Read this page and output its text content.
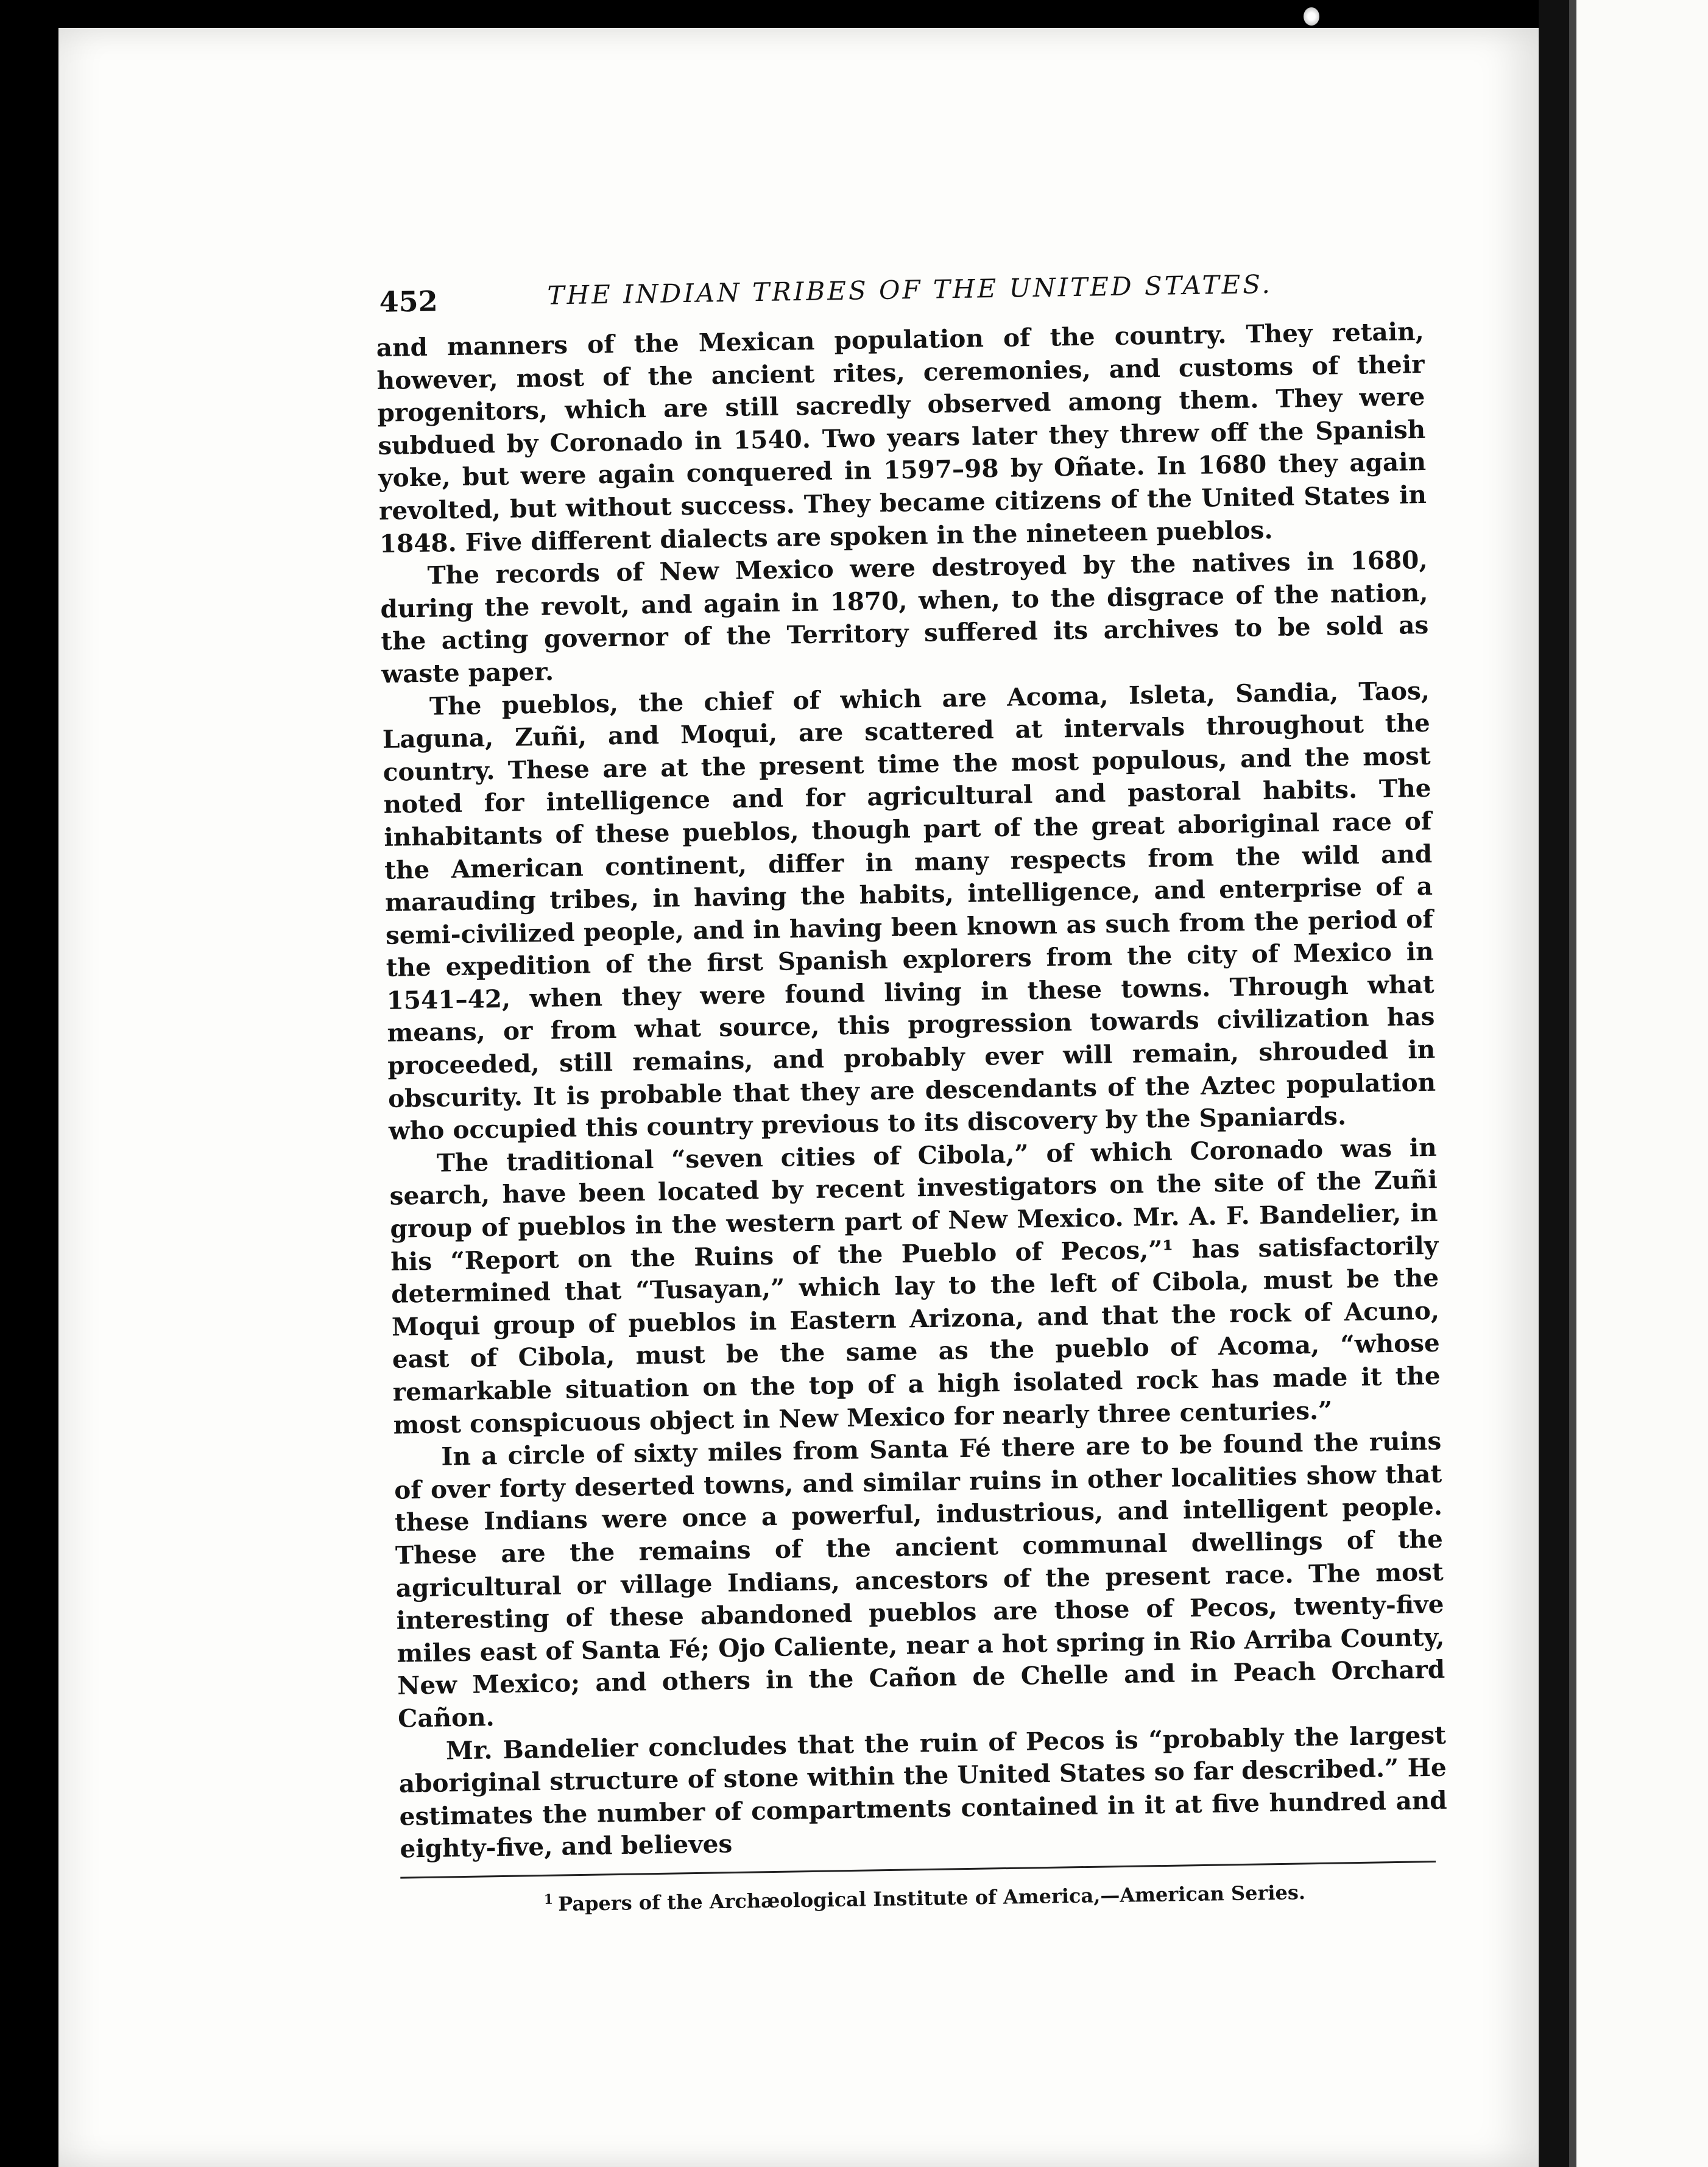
452	THE INDIAN TRIBES OF THE UNITED STATES.

and manners of the Mexican population of the country. They retain, however, most of the ancient rites, ceremonies, and customs of their progenitors, which are still sacredly observed among them. They were subdued by Coronado in 1540. Two years later they threw off the Spanish yoke, but were again conquered in 1597–98 by Oñate. In 1680 they again revolted, but without success. They became citizens of the United States in 1848. Five different dialects are spoken in the nineteen pueblos.

The records of New Mexico were destroyed by the natives in 1680, during the revolt, and again in 1870, when, to the disgrace of the nation, the acting governor of the Territory suffered its archives to be sold as waste paper.

The pueblos, the chief of which are Acoma, Isleta, Sandia, Taos, Laguna, Zuñi, and Moqui, are scattered at intervals throughout the country. These are at the present time the most populous, and the most noted for intelligence and for agricultural and pastoral habits. The inhabitants of these pueblos, though part of the great aboriginal race of the American continent, differ in many respects from the wild and marauding tribes, in having the habits, intelligence, and enterprise of a semi-civilized people, and in having been known as such from the period of the expedition of the first Spanish explorers from the city of Mexico in 1541–42, when they were found living in these towns. Through what means, or from what source, this progression towards civilization has proceeded, still remains, and probably ever will remain, shrouded in obscurity. It is probable that they are descendants of the Aztec population who occupied this country previous to its discovery by the Spaniards.

The traditional “seven cities of Cibola,” of which Coronado was in search, have been located by recent investigators on the site of the Zuñi group of pueblos in the western part of New Mexico. Mr. A. F. Bandelier, in his “Report on the Ruins of the Pueblo of Pecos,”¹ has satisfactorily determined that “Tusayan,” which lay to the left of Cibola, must be the Moqui group of pueblos in Eastern Arizona, and that the rock of Acuno, east of Cibola, must be the same as the pueblo of Acoma, “whose remarkable situation on the top of a high isolated rock has made it the most conspicuous object in New Mexico for nearly three centuries.”

In a circle of sixty miles from Santa Fé there are to be found the ruins of over forty deserted towns, and similar ruins in other localities show that these Indians were once a powerful, industrious, and intelligent people. These are the remains of the ancient communal dwellings of the agricultural or village Indians, ancestors of the present race. The most interesting of these abandoned pueblos are those of Pecos, twenty-five miles east of Santa Fé; Ojo Caliente, near a hot spring in Rio Arriba County, New Mexico; and others in the Cañon de Chelle and in Peach Orchard Cañon.

Mr. Bandelier concludes that the ruin of Pecos is “probably the largest aboriginal structure of stone within the United States so far described.” He estimates the number of compartments contained in it at five hundred and eighty-five, and believes

$^1$ Papers of the Archæological Institute of America,—American Series.
